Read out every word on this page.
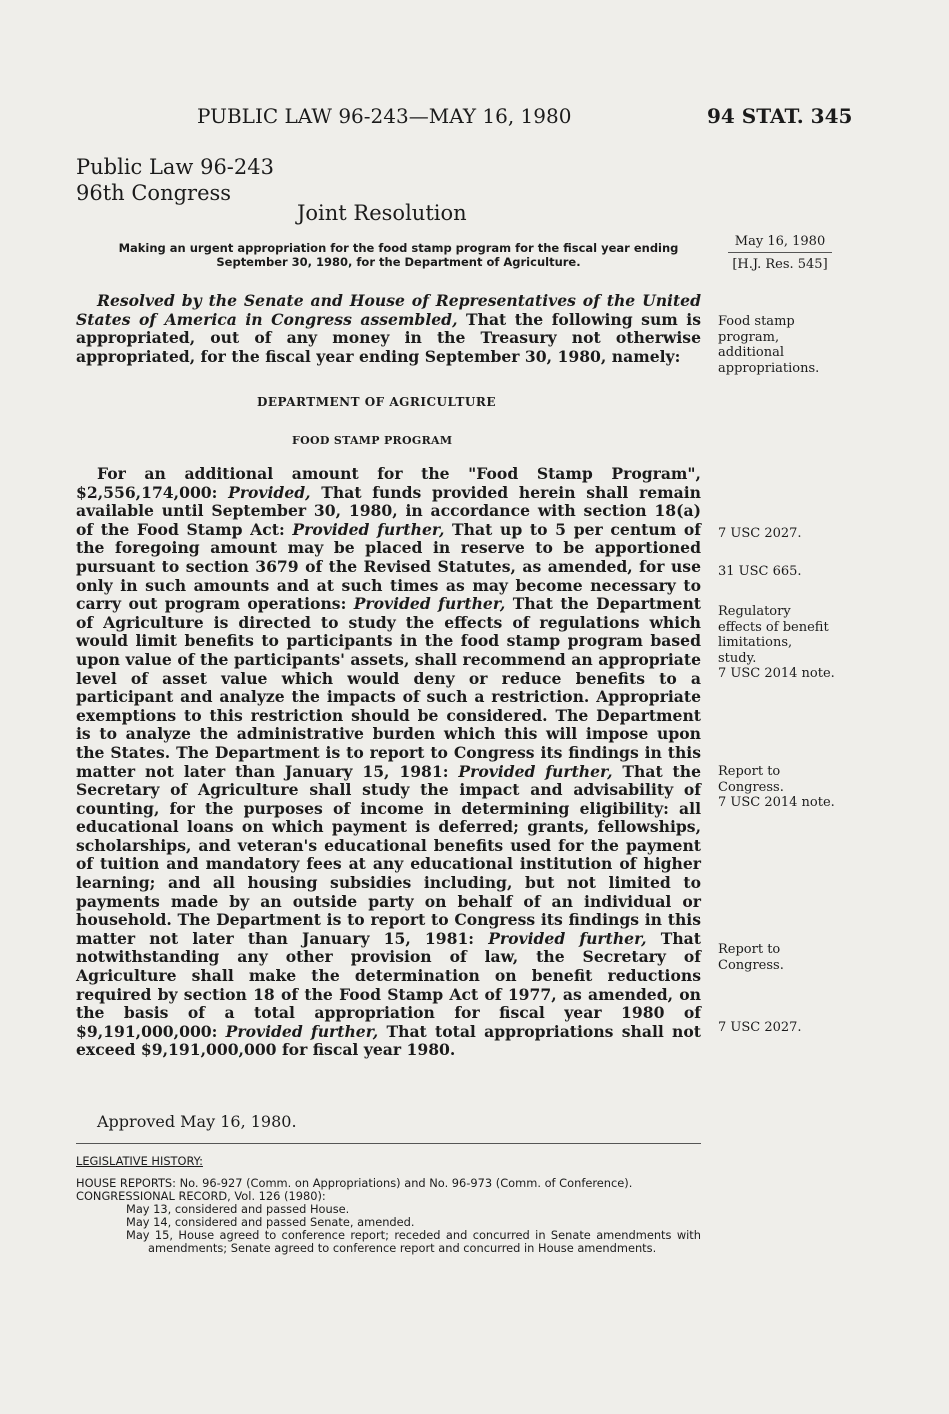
PUBLIC LAW 96-243—MAY 16, 1980	94 STAT. 345
Public Law 96-243
96th Congress
Joint Resolution
Making an urgent appropriation for the food stamp program for the fiscal year ending September 30, 1980, for the Department of Agriculture.
May 16, 1980
[H.J. Res. 545]
Resolved by the Senate and House of Representatives of the United States of America in Congress assembled, That the following sum is appropriated, out of any money in the Treasury not otherwise appropriated, for the fiscal year ending September 30, 1980, namely:
Food stamp
program,
additional
appropriations.
DEPARTMENT OF AGRICULTURE
FOOD STAMP PROGRAM
For an additional amount for the "Food Stamp Program", $2,556,174,000: Provided, That funds provided herein shall remain available until September 30, 1980, in accordance with section 18(a) of the Food Stamp Act: Provided further, That up to 5 per centum of the foregoing amount may be placed in reserve to be apportioned pursuant to section 3679 of the Revised Statutes, as amended, for use only in such amounts and at such times as may become necessary to carry out program operations: Provided further, That the Department of Agriculture is directed to study the effects of regulations which would limit benefits to participants in the food stamp program based upon value of the participants' assets, shall recommend an appropriate level of asset value which would deny or reduce benefits to a participant and analyze the impacts of such a restriction. Appropriate exemptions to this restriction should be considered. The Department is to analyze the administrative burden which this will impose upon the States. The Department is to report to Congress its findings in this matter not later than January 15, 1981: Provided further, That the Secretary of Agriculture shall study the impact and advisability of counting, for the purposes of income in determining eligibility: all educational loans on which payment is deferred; grants, fellowships, scholarships, and veteran's educational benefits used for the payment of tuition and mandatory fees at any educational institution of higher learning; and all housing subsidies including, but not limited to payments made by an outside party on behalf of an individual or household. The Department is to report to Congress its findings in this matter not later than January 15, 1981: Provided further, That notwithstanding any other provision of law, the Secretary of Agriculture shall make the determination on benefit reductions required by section 18 of the Food Stamp Act of 1977, as amended, on the basis of a total appropriation for fiscal year 1980 of $9,191,000,000: Provided further, That total appropriations shall not exceed $9,191,000,000 for fiscal year 1980.
7 USC 2027.
31 USC 665.
Regulatory
effects of benefit
limitations,
study.
7 USC 2014 note.
Report to
Congress.
7 USC 2014 note.
Report to
Congress.
7 USC 2027.
Approved May 16, 1980.
LEGISLATIVE HISTORY:
HOUSE REPORTS: No. 96-927 (Comm. on Appropriations) and No. 96-973 (Comm. of Conference).
CONGRESSIONAL RECORD, Vol. 126 (1980):
May 13, considered and passed House.
May 14, considered and passed Senate, amended.
May 15, House agreed to conference report; receded and concurred in Senate amendments with amendments; Senate agreed to conference report and concurred in House amendments.
